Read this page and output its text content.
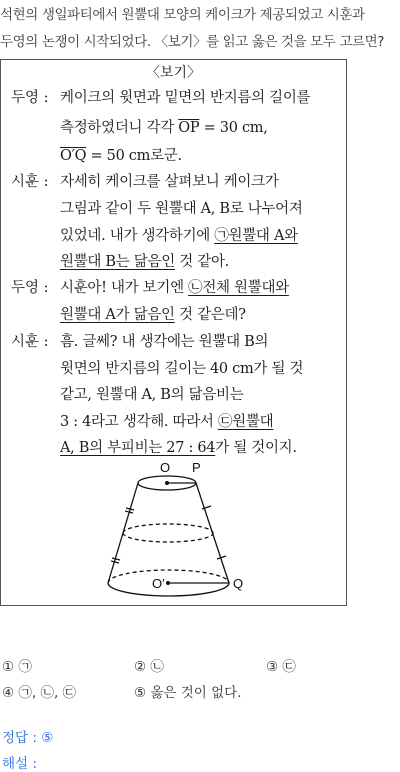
석현의 생일파티에서 원뿔대 모양의 케이크가 제공되었고 시훈과
두영의 논쟁이 시작되었다. 〈보기〉를 읽고 옳은 것을 모두 고르면?
〈보기〉
두영 : 케이크의 윗면과 밑면의 반지름의 길이를
측정하였더니 각각 $\overline{OP} = 30$ cm,
O′Q = 50 cm로군.
시훈 : 자세히 케이크를 살펴보니 케이크가
그림과 같이 두 원뿔대 A, B로 나누어져
있었네. 내가 생각하기에 ㉠원뿔대 A와
원뿔대 B는 닮음인 것 같아.
두영 : 시훈아! 내가 보기엔 ㉡전체 원뿔대와
원뿔대 A가 닮음인 것 같은데?
시훈 : 흠. 글쎄? 내 생각에는 원뿔대 B의
윗면의 반지름의 길이는 40 cm가 될 것
같고, 원뿔대 A, B의 닮음비는
3 : 4라고 생각해. 따라서 ㉢원뿔대
A, B의 부피비는 27 : 64가 될 것이지.
O P
O′	Q
① ㉠	② ㉡	③ ㉢
④ ㉠, ㉡, ㉢	⑤ 옳은 것이 없다.
정답 : ⑤
해설 :
